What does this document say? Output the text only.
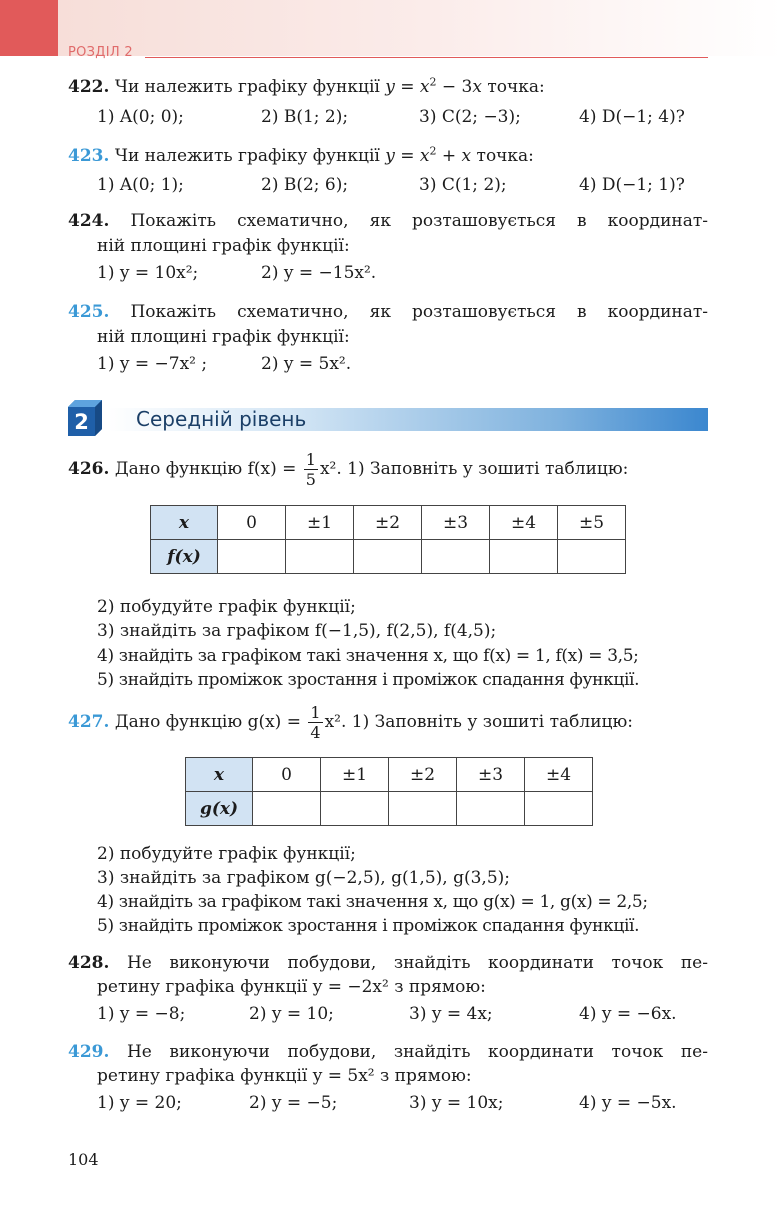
РОЗДІЛ 2
422. Чи належить графіку функції $y = x^2 - 3x$ точка:
1) A(0; 0);	2) B(1; 2);	3) C(2; −3);	4) D(−1; 4)?
423. Чи належить графіку функції $y = x^2 + x$ точка:
1) A(0; 1);	2) B(2; 6);	3) C(1; 2);	4) D(−1; 1)?
424. Покажіть схематично, як розташовується в координат-
ній площині графік функції:
1) y = 10x²;	2) y = −15x².
425. Покажіть схематично, як розташовується в координат-
ній площині графік функції:
1) y = −7x² ;	2) y = 5x².
2 Середній рівень
426. Дано функцію $f(x) = \frac{1}{5} x^2$. 1) Заповніть у зошиті таблицю:
x	0	±1	±2	±3	±4	±5
f(x)						
2) побудуйте графік функції;
3) знайдіть за графіком f(−1,5), f(2,5), f(4,5);
4) знайдіть за графіком такі значення x, що f(x) = 1, f(x) = 3,5;
5) знайдіть проміжок зростання і проміжок спадання функції.
427. Дано функцію $g(x) = \frac{1}{4} x^2$. 1) Заповніть у зошиті таблицю:
x	0	±1	±2	±3	±4
g(x)					
2) побудуйте графік функції;
3) знайдіть за графіком g(−2,5), g(1,5), g(3,5);
4) знайдіть за графіком такі значення x, що g(x) = 1, g(x) = 2,5;
5) знайдіть проміжок зростання і проміжок спадання функції.
428. Не виконуючи побудови, знайдіть координати точок пе-
ретину графіка функції y = −2x² з прямою:
1) y = −8;	2) y = 10;	3) y = 4x;	4) y = −6x.
429. Не виконуючи побудови, знайдіть координати точок пе-
ретину графіка функції y = 5x² з прямою:
1) y = 20;	2) y = −5;	3) y = 10x;	4) y = −5x.
104
